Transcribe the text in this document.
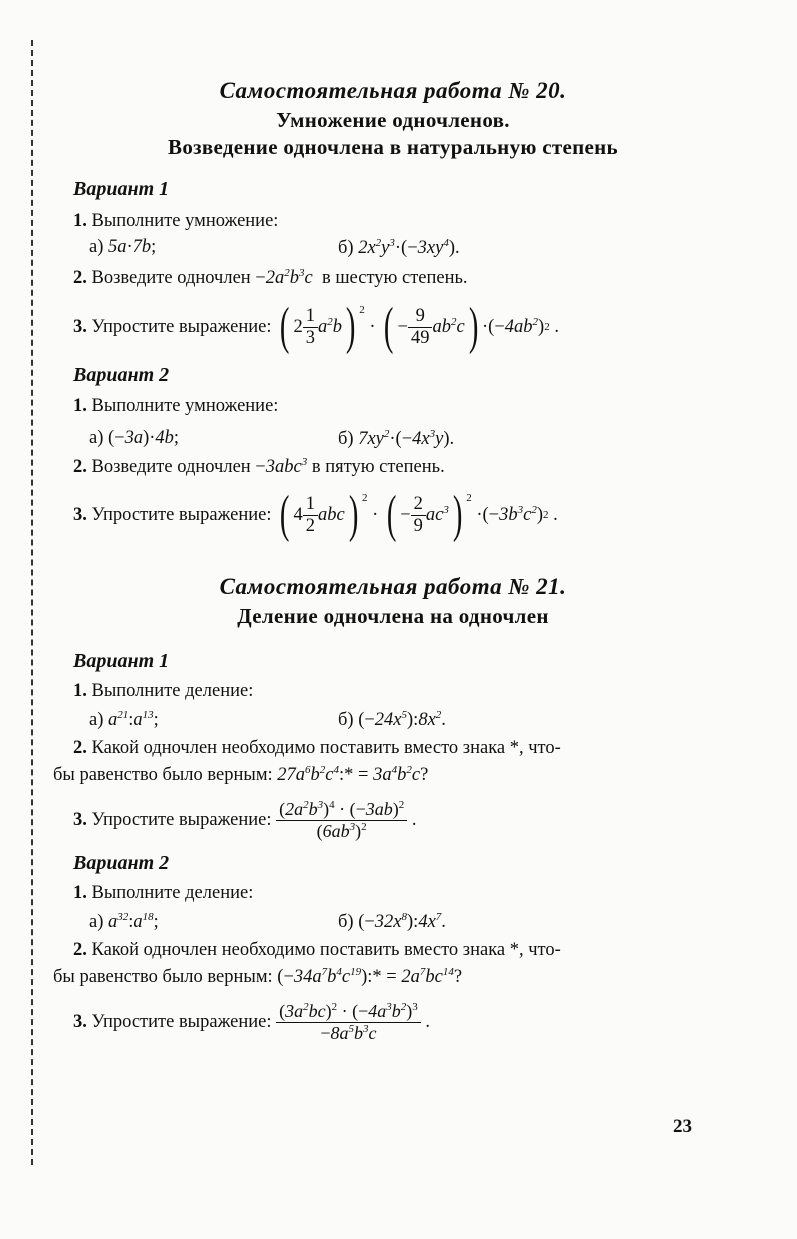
Самостоятельная работа № 20.
Умножение одночленов.
Возведение одночлена в натуральную степень
Вариант 1
1. Выполните умножение:
а) 5a·7b;	б) $2x^2y^3\cdot(-3xy^4)$.
2. Возведите одночлен $-2a^2b^3c$  в шестую степень.
3. Упростите выражение: ( $2 \frac{1}{3} a^2b$ ) $^2$
· ( − $\frac{9}{49} ab^2c$ ) ·(− $4ab^2$ ) 2 .
Вариант 2
1. Выполните умножение:
а) (−3a)·4b;	б) $7xy^2\cdot(-4x^3y)$.
2. Возведите одночлен −3abc$^3$ в пятую степень.
3. Упростите выражение: ( $4 \frac{1}{2}$ abc ) $^2$
· ( − $\frac{2}{9} ac^3$ ) $^2$
·(− $3b^3c^2$ ) 2 .
Самостоятельная работа № 21.
Деление одночлена на одночлен
Вариант 1
1. Выполните деление:
а) $a^{21}:a^{13}$;	б) $(-24x^5):8x^2$.
2. Какой одночлен необходимо поставить вместо знака *, что-
бы равенство было верным: $27a^6b^2c^4:* = 3a^4b^2c$?
3. Упростите выражение: $\frac{(2a^2b^3)^4 \cdot (-3ab)^2}{(6ab^3)^2}$ .
Вариант 2
1. Выполните деление:
а) $a^{32}:a^{18}$;	б) $(-32x^8):4x^7$.
2. Какой одночлен необходимо поставить вместо знака *, что-
бы равенство было верным: $(-34a^7b^4c^{19}):* = 2a^7bc^{14}$?
3. Упростите выражение: $\frac{(3a^2bc)^2 \cdot (-4a^3b^2)^3}{-8a^5b^3c}$ .
23
